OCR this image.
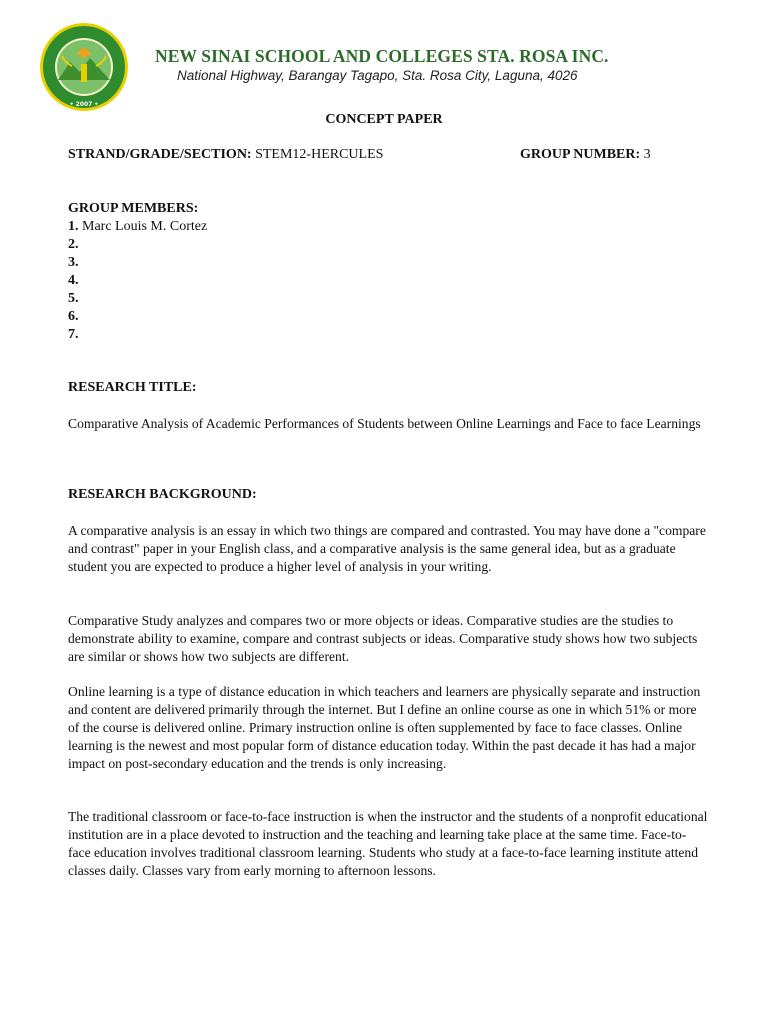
• 2007 •
NEW SINAI SCHOOL AND COLLEGES STA. ROSA INC.
National Highway, Barangay Tagapo, Sta. Rosa City, Laguna, 4026
CONCEPT PAPER
STRAND/GRADE/SECTION: STEM12-HERCULES	GROUP NUMBER: 3
GROUP MEMBERS:
1. Marc Louis M. Cortez
2.
3.
4.
5.
6.
7.
RESEARCH TITLE:

Comparative Analysis of Academic Performances of Students between Online Learnings and Face to face Learnings

RESEARCH BACKGROUND:

A comparative analysis is an essay in which two things are compared and contrasted. You may have done a "compare and contrast" paper in your English class, and a comparative analysis is the same general idea, but as a graduate student you are expected to produce a higher level of analysis in your writing.

Comparative Study analyzes and compares two or more objects or ideas. Comparative studies are the studies to demonstrate ability to examine, compare and contrast subjects or ideas. Comparative study shows how two subjects are similar or shows how two subjects are different.

Online learning is a type of distance education in which teachers and learners are physically separate and instruction and content are delivered primarily through the internet. But I define an online course as one in which 51% or more of the course is delivered online. Primary instruction online is often supplemented by face to face classes. Online learning is the newest and most popular form of distance education today. Within the past decade it has had a major impact on post-secondary education and the trends is only increasing.

The traditional classroom or face-to-face instruction is when the instructor and the students of a nonprofit educational institution are in a place devoted to instruction and the teaching and learning take place at the same time. Face-to-face education involves traditional classroom learning. Students who study at a face-to-face learning institute attend classes daily. Classes vary from early morning to afternoon lessons.
